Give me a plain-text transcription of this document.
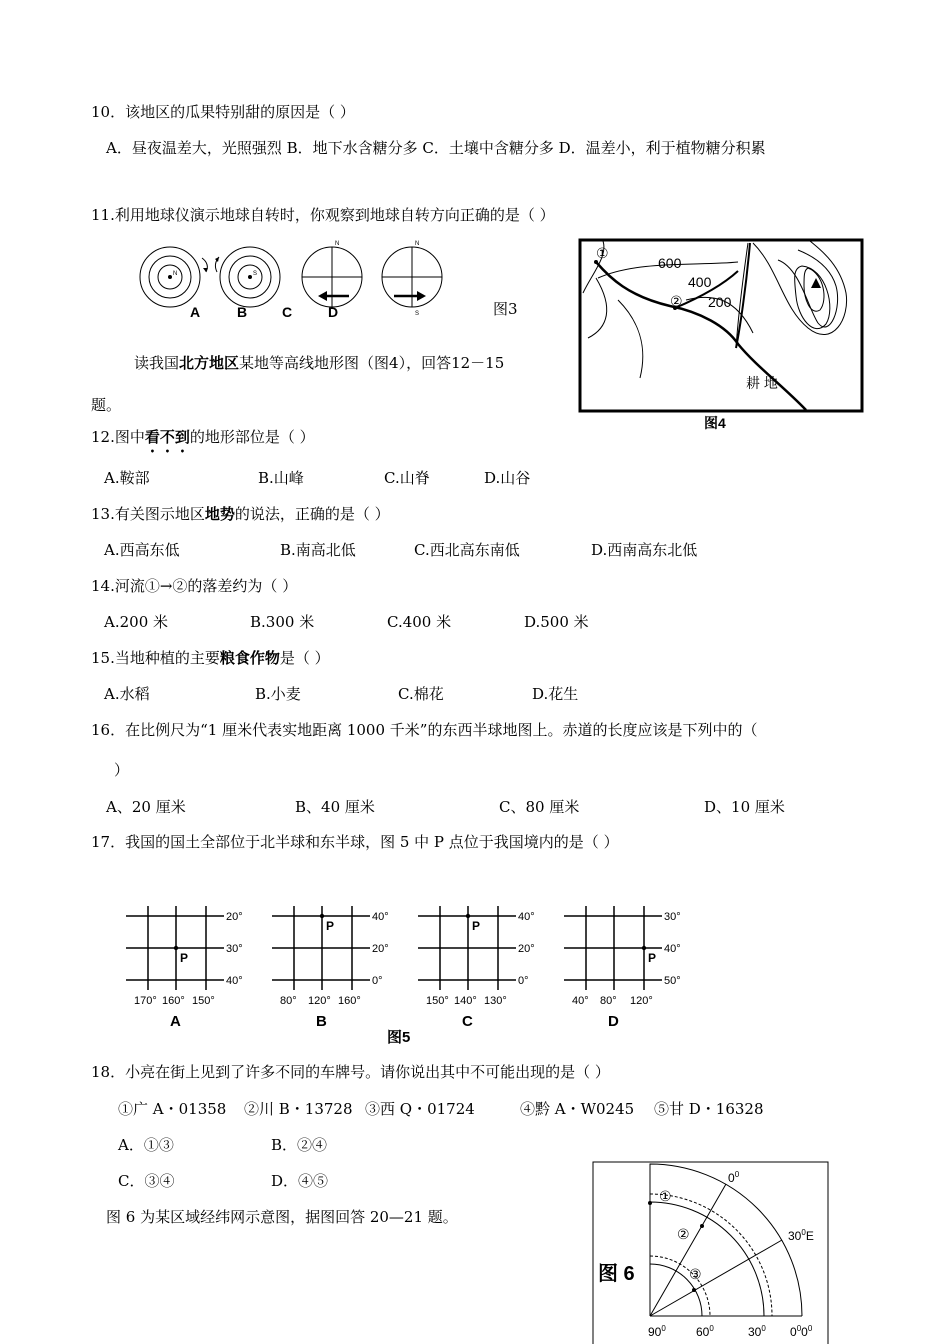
10．该地区的瓜果特别甜的原因是（ ）
A．昼夜温差大，光照强烈 B．地下水含糖分多 C．土壤中含糖分多 D．温差小，利于植物糖分积累
11.利用地球仪演示地球自转时，你观察到地球自转方向正确的是（ ）
N	S
N	N
S
A	B C	D	图3
读我国北方地区某地等高线地形图（图4），回答12－15
题。
①
②
600
400
200
耕 地
图4
12.图中看不到的地形部位是（ ）
A.鞍部	B.山峰	C.山脊	D.山谷
13.有关图示地区地势的说法，正确的是（ ）
A.西高东低	B.南高北低	C.西北高东南低	D.西南高东北低
14.河流①→②的落差约为（ ）
A.200 米	B.300 米	C.400 米	D.500 米
15.当地种植的主要粮食作物是（ ）
A.水稻	B.小麦	C.棉花	D.花生
16．在比例尺为“1 厘米代表实地距离 1000 千米”的东西半球地图上。赤道的长度应该是下列中的（
）
A、20 厘米	B、40 厘米	C、80 厘米	D、10 厘米
17．我国的国土全部位于北半球和东半球，图 5 中 P 点位于我国境内的是（ ）
20°
30°
40°
170° 160° 150°
P
A
40°
20°
0°
80° 120° 160°
P
B
40°
20°
0°
150° 140° 130°
P
C
30°
40°
50°
40° 80° 120°
P
D
图5
18．小亮在街上见到了许多不同的车牌号。请你说出其中不可能出现的是（ ）
①广 A・01358 ②川 B・13728 ③西 Q・01724	④黔 A・W0245 ⑤甘 D・16328
A．①③	B．②④
C．③④	D．④⑤
图 6 为某区域经纬网示意图，据图回答 20—21 题。
①
②
③
$0^0$
$30^0E$
图 6
$90^0$	$60^0$	$30^0$ $0^00^0$
